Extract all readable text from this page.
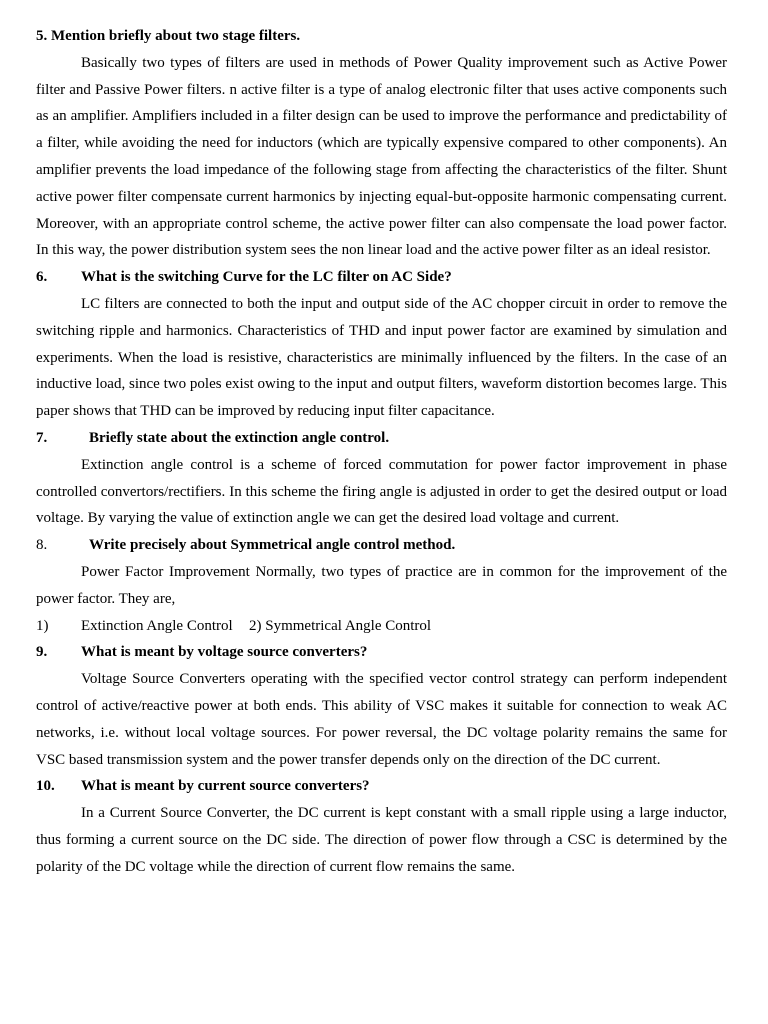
5. Mention briefly about two stage filters.

Basically two types of filters are used in methods of Power Quality improvement such as Active Power filter and Passive Power filters. n active filter is a type of analog electronic filter that uses active components such as an amplifier. Amplifiers included in a filter design can be used to improve the performance and predictability of a filter, while avoiding the need for inductors (which are typically expensive compared to other components). An amplifier prevents the load impedance of the following stage from affecting the characteristics of the filter. Shunt active power filter compensate current harmonics by injecting equal-but-opposite harmonic compensating current. Moreover, with an appropriate control scheme, the active power filter can also compensate the load power factor. In this way, the power distribution system sees the non linear load and the active power filter as an ideal resistor.

6. What is the switching Curve for the LC filter on AC Side?

LC filters are connected to both the input and output side of the AC chopper circuit in order to remove the switching ripple and harmonics. Characteristics of THD and input power factor are examined by simulation and experiments. When the load is resistive, characteristics are minimally influenced by the filters. In the case of an inductive load, since two poles exist owing to the input and output filters, waveform distortion becomes large. This paper shows that THD can be improved by reducing input filter capacitance.

7.	Briefly state about the extinction angle control.

Extinction angle control is a scheme of forced commutation for power factor improvement in phase controlled convertors/rectifiers. In this scheme the firing angle is adjusted in order to get the desired output or load voltage. By varying the value of extinction angle we can get the desired load voltage and current.

8.	Write precisely about Symmetrical angle control method.

Power Factor Improvement Normally, two types of practice are in common for the improvement of the power factor. They are,

1) Extinction Angle Control 2) Symmetrical Angle Control
9. What is meant by voltage source converters?

Voltage Source Converters operating with the specified vector control strategy can perform independent control of active/reactive power at both ends. This ability of VSC makes it suitable for connection to weak AC networks, i.e. without local voltage sources. For power reversal, the DC voltage polarity remains the same for VSC based transmission system and the power transfer depends only on the direction of the DC current.

10. What is meant by current source converters?

In a Current Source Converter, the DC current is kept constant with a small ripple using a large inductor, thus forming a current source on the DC side. The direction of power flow through a CSC is determined by the polarity of the DC voltage while the direction of current flow remains the same.
